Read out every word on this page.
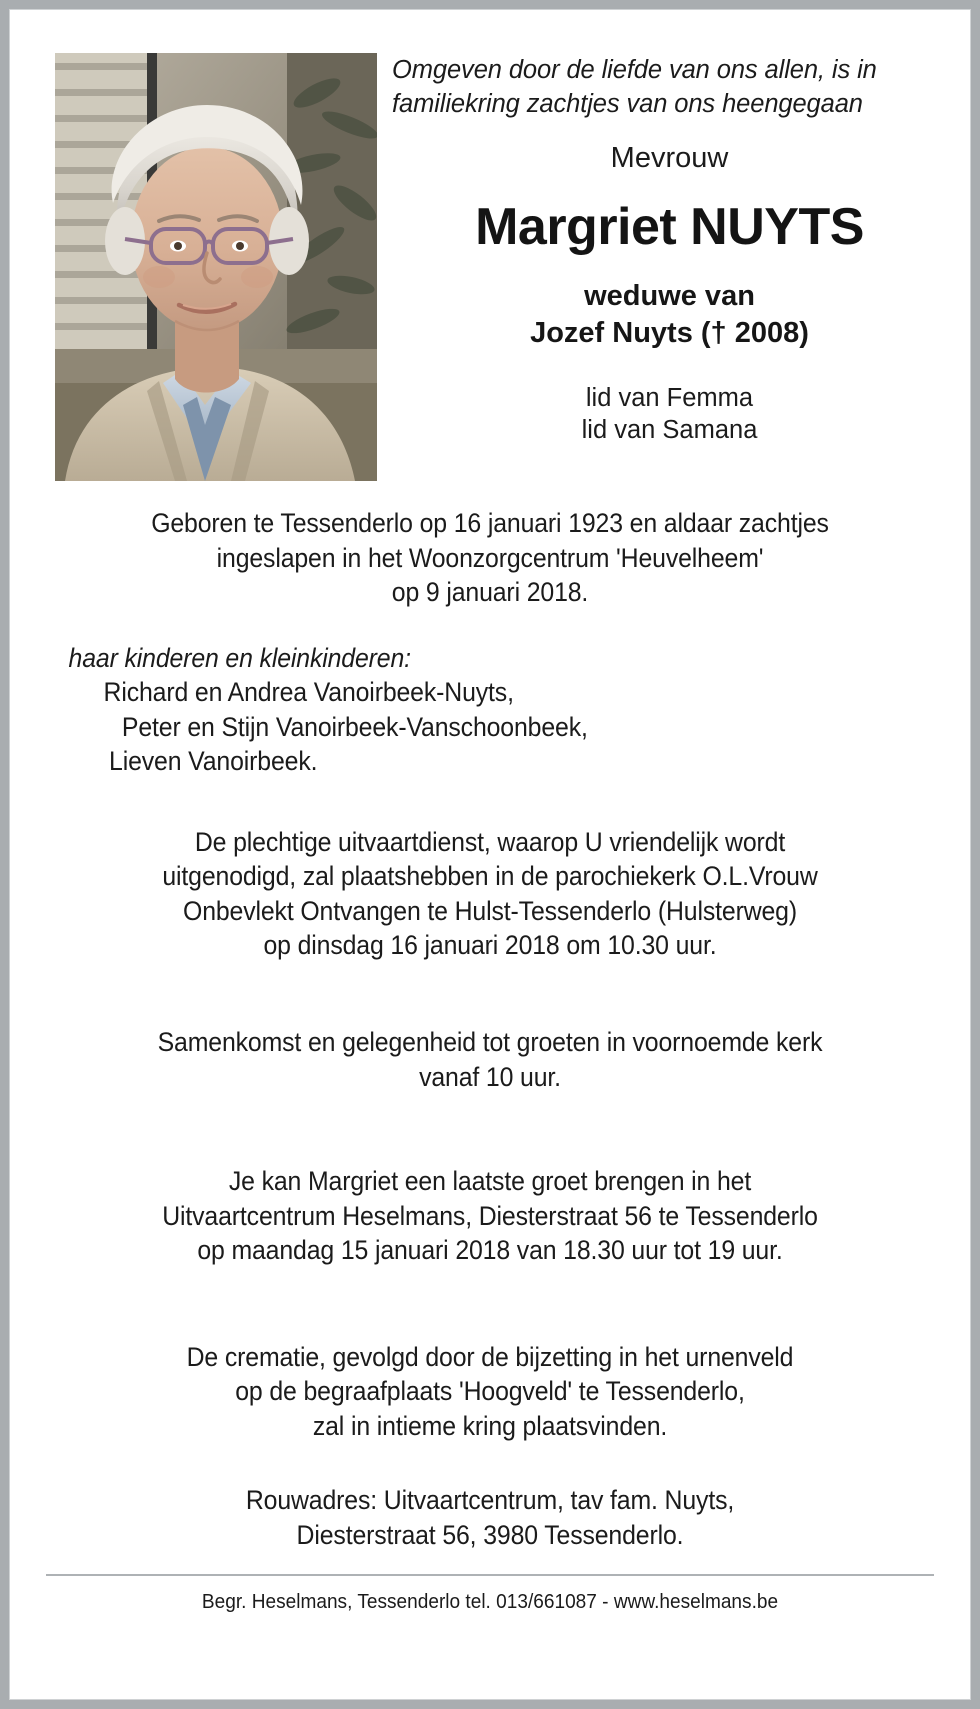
Omgeven door de liefde van ons allen, is in familiekring zachtjes van ons heengegaan
Mevrouw
Margriet NUYTS
weduwe van
Jozef Nuyts († 2008)
lid van Femma
lid van Samana
Geboren te Tessenderlo op 16 januari 1923 en aldaar zachtjes
ingeslapen in het Woonzorgcentrum 'Heuvelheem'
op 9 januari 2018.
haar kinderen en kleinkinderen:
Richard en Andrea Vanoirbeek-Nuyts,
Peter en Stijn Vanoirbeek-Vanschoonbeek,
Lieven Vanoirbeek.
De plechtige uitvaartdienst, waarop U vriendelijk wordt
uitgenodigd, zal plaatshebben in de parochiekerk O.L.Vrouw
Onbevlekt Ontvangen te Hulst-Tessenderlo (Hulsterweg)
op dinsdag 16 januari 2018 om 10.30 uur.
Samenkomst en gelegenheid tot groeten in voornoemde kerk
vanaf 10 uur.
Je kan Margriet een laatste groet brengen in het
Uitvaartcentrum Heselmans, Diesterstraat 56 te Tessenderlo
op maandag 15 januari 2018 van 18.30 uur tot 19 uur.
De crematie, gevolgd door de bijzetting in het urnenveld
op de begraafplaats 'Hoogveld' te Tessenderlo,
zal in intieme kring plaatsvinden.
Rouwadres: Uitvaartcentrum, tav fam. Nuyts,
Diesterstraat 56, 3980 Tessenderlo.
Begr. Heselmans, Tessenderlo tel. 013/661087 - www.heselmans.be
